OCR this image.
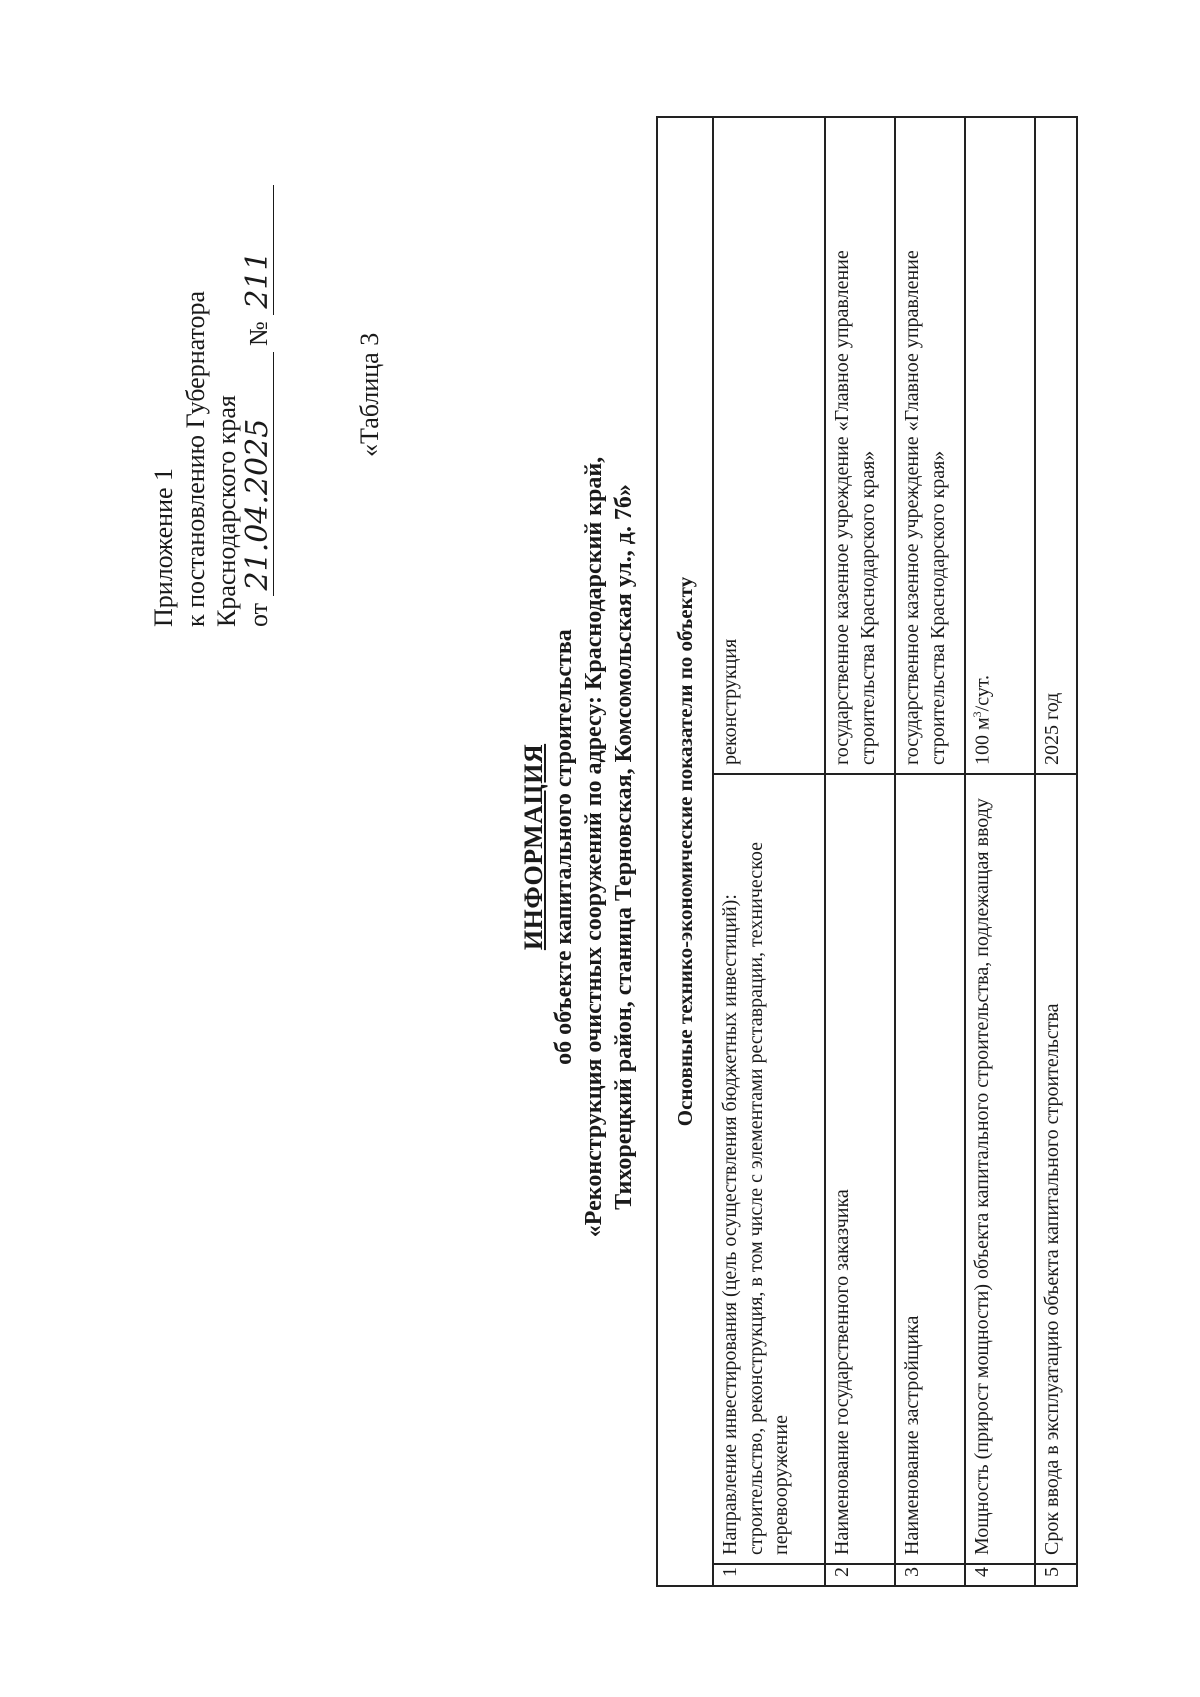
Приложение 1 к постановлению Губернатора Краснодарского края от 21.04.2025 № 211
«Таблица 3
ИНФОРМАЦИЯ об объекте капитального строительства «Реконструкция очистных сооружений по адресу: Краснодарский край, Тихорецкий район, станица Терновская, Комсомольская ул., д. 7б» Основные технико-экономические показатели по объекту		
1	Направление инвестирования (цель осуществления бюджетных инвестиций): строительство, реконструкция, в том числе с элементами реставрации, техническое перевооружение	реконструкция
2	Наименование государственного заказчика	государственное казенное учреждение «Главное управление строительства Краснодарского края»
3	Наименование застройщика	государственное казенное учреждение «Главное управление строительства Краснодарского края»
4	Мощность (прирост мощности) объекта капитального строительства, подлежащая вводу	100 $м^3$/сут.
5	Срок ввода в эксплуатацию объекта капитального строительства	2025 год
